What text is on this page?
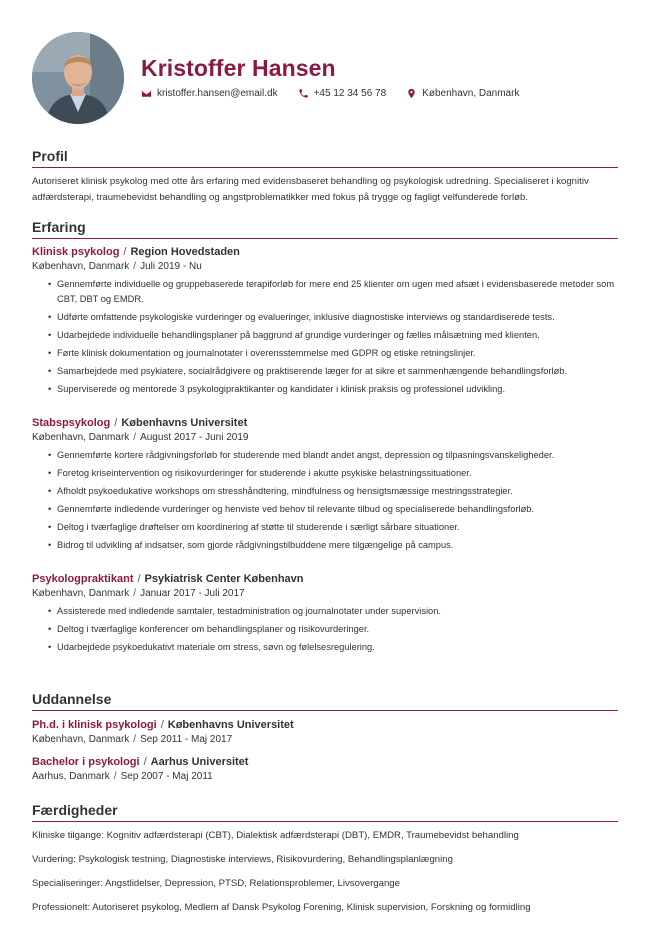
Kristoffer Hansen
kristoffer.hansen@email.dk	+45 12 34 56 78	København, Danmark
Profil

Autoriseret klinisk psykolog med otte års erfaring med evidensbaseret behandling og psykologisk udredning. Specialiseret i kognitiv adfærdsterapi, traumebevidst behandling og angstproblematikker med fokus på trygge og fagligt velfunderede forløb.

Erfaring
Klinisk psykolog / Region Hovedstaden
København, Danmark / Juli 2019 - Nu
• Gennemførte individuelle og gruppebaserede terapiforløb for mere end 25 klienter om ugen med afsæt i evidensbaserede metoder som CBT, DBT og EMDR.
• Udførte omfattende psykologiske vurderinger og evalueringer, inklusive diagnostiske interviews og standardiserede tests.
• Udarbejdede individuelle behandlingsplaner på baggrund af grundige vurderinger og fælles målsætning med klienten.
• Førte klinisk dokumentation og journalnotater i overensstemmelse med GDPR og etiske retningslinjer.
• Samarbejdede med psykiatere, socialrådgivere og praktiserende læger for at sikre et sammenhængende behandlingsforløb.
• Superviserede og mentorede 3 psykologipraktikanter og kandidater i klinisk praksis og professionel udvikling.
Stabspsykolog / Københavns Universitet
København, Danmark / August 2017 - Juni 2019
• Gennemførte kortere rådgivningsforløb for studerende med blandt andet angst, depression og tilpasningsvanskeligheder.
• Foretog kriseintervention og risikovurderinger for studerende i akutte psykiske belastningssituationer.
• Afholdt psykoedukative workshops om stresshåndtering, mindfulness og hensigtsmæssige mestringsstrategier.
• Gennemførte indledende vurderinger og henviste ved behov til relevante tilbud og specialiserede behandlingsforløb.
• Deltog i tværfaglige drøftelser om koordinering af støtte til studerende i særligt sårbare situationer.
• Bidrog til udvikling af indsatser, som gjorde rådgivningstilbuddene mere tilgængelige på campus.
Psykologpraktikant / Psykiatrisk Center København
København, Danmark / Januar 2017 - Juli 2017
• Assisterede med indledende samtaler, testadministration og journalnotater under supervision.
• Deltog i tværfaglige konferencer om behandlingsplaner og risikovurderinger.
• Udarbejdede psykoedukativt materiale om stress, søvn og følelsesregulering.
Uddannelse
Ph.d. i klinisk psykologi / Københavns Universitet
København, Danmark / Sep 2011 - Maj 2017
Bachelor i psykologi / Aarhus Universitet
Aarhus, Danmark / Sep 2007 - Maj 2011
Færdigheder
Kliniske tilgange: Kognitiv adfærdsterapi (CBT), Dialektisk adfærdsterapi (DBT), EMDR, Traumebevidst behandling
Vurdering: Psykologisk testning, Diagnostiske interviews, Risikovurdering, Behandlingsplanlægning
Specialiseringer: Angstlidelser, Depression, PTSD, Relationsproblemer, Livsovergange
Professionelt: Autoriseret psykolog, Medlem af Dansk Psykolog Forening, Klinisk supervision, Forskning og formidling
